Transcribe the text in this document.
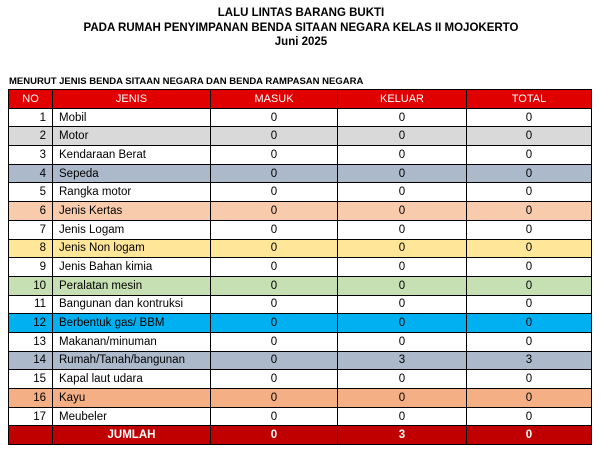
LALU LINTAS BARANG BUKTI
PADA RUMAH PENYIMPANAN BENDA SITAAN NEGARA KELAS II MOJOKERTO
Juni 2025
MENURUT JENIS BENDA SITAAN NEGARA DAN BENDA RAMPASAN NEGARA
NO	JENIS	MASUK	KELUAR	TOTAL
1	Mobil	0	0	0
2	Motor	0	0	0
3	Kendaraan Berat	0	0	0
4	Sepeda	0	0	0
5	Rangka motor	0	0	0
6	Jenis Kertas	0	0	0
7	Jenis Logam	0	0	0
8	Jenis Non logam	0	0	0
9	Jenis Bahan kimia	0	0	0
10	Peralatan mesin	0	0	0
11	Bangunan dan kontruksi	0	0	0
12	Berbentuk gas/ BBM	0	0	0
13	Makanan/minuman	0	0	0
14	Rumah/Tanah/bangunan	0	3	3
15	Kapal laut udara	0	0	0
16	Kayu	0	0	0
17	Meubeler	0	0	0
	JUMLAH	0	3	0
